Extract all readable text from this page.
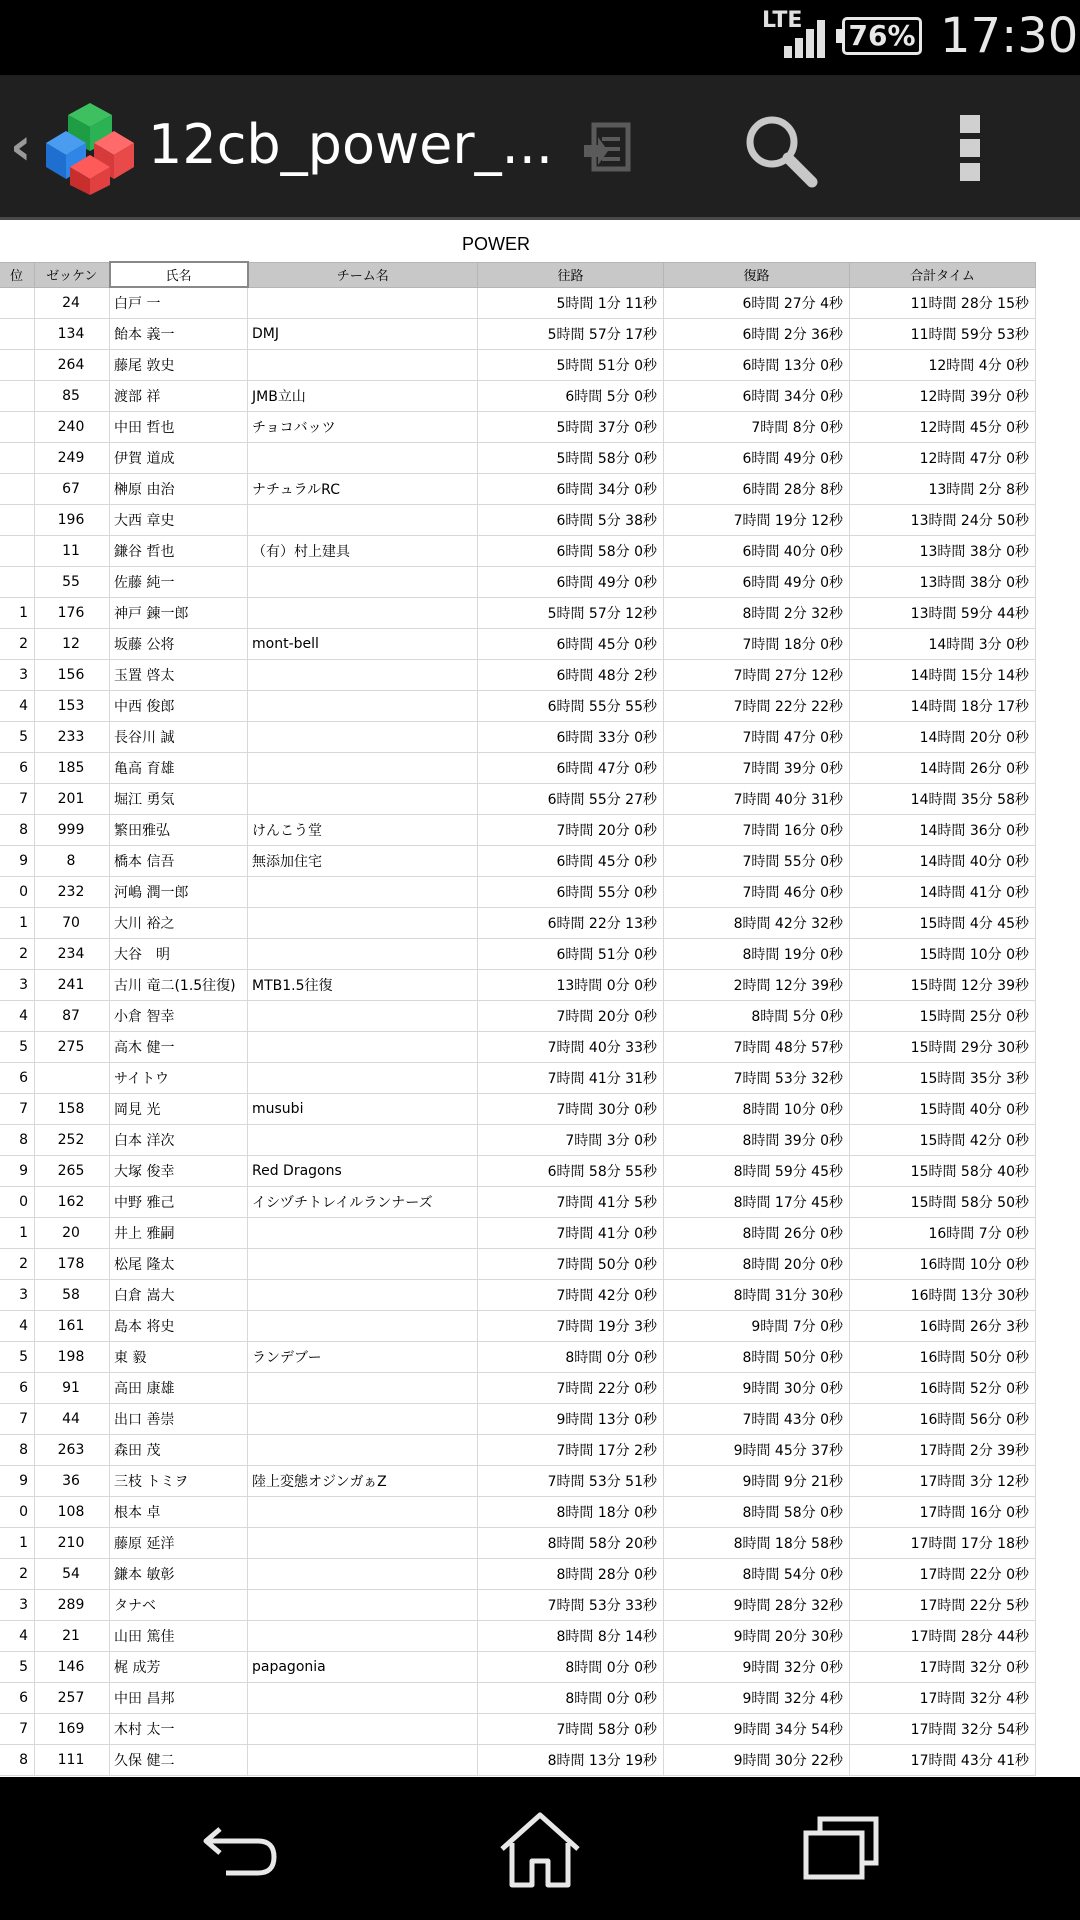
LTE 76% 17:30
‹ 12cb_power_...
POWER
位	ゼッケン	氏名	チーム名	往路	復路	合計タイム
	24	白戸 一		5時間 1分 11秒	6時間 27分 4秒	11時間 28分 15秒
	134	飴本 義一	DMJ	5時間 57分 17秒	6時間 2分 36秒	11時間 59分 53秒
	264	藤尾 敦史		5時間 51分 0秒	6時間 13分 0秒	12時間 4分 0秒
	85	渡部 祥	JMB立山	6時間 5分 0秒	6時間 34分 0秒	12時間 39分 0秒
	240	中田 哲也	チョコバッツ	5時間 37分 0秒	7時間 8分 0秒	12時間 45分 0秒
	249	伊賀 道成		5時間 58分 0秒	6時間 49分 0秒	12時間 47分 0秒
	67	榊原 由治	ナチュラルRC	6時間 34分 0秒	6時間 28分 8秒	13時間 2分 8秒
	196	大西 章史		6時間 5分 38秒	7時間 19分 12秒	13時間 24分 50秒
	11	鎌谷 哲也	（有）村上建具	6時間 58分 0秒	6時間 40分 0秒	13時間 38分 0秒
	55	佐藤 純一		6時間 49分 0秒	6時間 49分 0秒	13時間 38分 0秒
1	176	神戸 錬一郎		5時間 57分 12秒	8時間 2分 32秒	13時間 59分 44秒
2	12	坂藤 公将	mont-bell	6時間 45分 0秒	7時間 18分 0秒	14時間 3分 0秒
3	156	玉置 啓太		6時間 48分 2秒	7時間 27分 12秒	14時間 15分 14秒
4	153	中西 俊郎		6時間 55分 55秒	7時間 22分 22秒	14時間 18分 17秒
5	233	長谷川 誠		6時間 33分 0秒	7時間 47分 0秒	14時間 20分 0秒
6	185	亀高 育雄		6時間 47分 0秒	7時間 39分 0秒	14時間 26分 0秒
7	201	堀江 勇気		6時間 55分 27秒	7時間 40分 31秒	14時間 35分 58秒
8	999	繁田雅弘	けんこう堂	7時間 20分 0秒	7時間 16分 0秒	14時間 36分 0秒
9	8	橋本 信吾	無添加住宅	6時間 45分 0秒	7時間 55分 0秒	14時間 40分 0秒
0	232	河嶋 潤一郎		6時間 55分 0秒	7時間 46分 0秒	14時間 41分 0秒
1	70	大川 裕之		6時間 22分 13秒	8時間 42分 32秒	15時間 4分 45秒
2	234	大谷　明		6時間 51分 0秒	8時間 19分 0秒	15時間 10分 0秒
3	241	古川 竜二(1.5往復)	MTB1.5往復	13時間 0分 0秒	2時間 12分 39秒	15時間 12分 39秒
4	87	小倉 智幸		7時間 20分 0秒	8時間 5分 0秒	15時間 25分 0秒
5	275	高木 健一		7時間 40分 33秒	7時間 48分 57秒	15時間 29分 30秒
6		サイトウ		7時間 41分 31秒	7時間 53分 32秒	15時間 35分 3秒
7	158	岡見 光	musubi	7時間 30分 0秒	8時間 10分 0秒	15時間 40分 0秒
8	252	白本 洋次		7時間 3分 0秒	8時間 39分 0秒	15時間 42分 0秒
9	265	大塚 俊幸	Red Dragons	6時間 58分 55秒	8時間 59分 45秒	15時間 58分 40秒
0	162	中野 雅己	イシヅチトレイルランナーズ	7時間 41分 5秒	8時間 17分 45秒	15時間 58分 50秒
1	20	井上 雅嗣		7時間 41分 0秒	8時間 26分 0秒	16時間 7分 0秒
2	178	松尾 隆太		7時間 50分 0秒	8時間 20分 0秒	16時間 10分 0秒
3	58	白倉 嵩大		7時間 42分 0秒	8時間 31分 30秒	16時間 13分 30秒
4	161	島本 将史		7時間 19分 3秒	9時間 7分 0秒	16時間 26分 3秒
5	198	東 毅	ランデブー	8時間 0分 0秒	8時間 50分 0秒	16時間 50分 0秒
6	91	高田 康雄		7時間 22分 0秒	9時間 30分 0秒	16時間 52分 0秒
7	44	出口 善崇		9時間 13分 0秒	7時間 43分 0秒	16時間 56分 0秒
8	263	森田 茂		7時間 17分 2秒	9時間 45分 37秒	17時間 2分 39秒
9	36	三枝 トミヲ	陸上変態オジンガぁZ	7時間 53分 51秒	9時間 9分 21秒	17時間 3分 12秒
0	108	根本 卓		8時間 18分 0秒	8時間 58分 0秒	17時間 16分 0秒
1	210	藤原 延洋		8時間 58分 20秒	8時間 18分 58秒	17時間 17分 18秒
2	54	鎌本 敏彰		8時間 28分 0秒	8時間 54分 0秒	17時間 22分 0秒
3	289	タナベ		7時間 53分 33秒	9時間 28分 32秒	17時間 22分 5秒
4	21	山田 篤佳		8時間 8分 14秒	9時間 20分 30秒	17時間 28分 44秒
5	146	梶 成芳	papagonia	8時間 0分 0秒	9時間 32分 0秒	17時間 32分 0秒
6	257	中田 昌邦		8時間 0分 0秒	9時間 32分 4秒	17時間 32分 4秒
7	169	木村 太一		7時間 58分 0秒	9時間 34分 54秒	17時間 32分 54秒
8	111	久保 健二		8時間 13分 19秒	9時間 30分 22秒	17時間 43分 41秒
